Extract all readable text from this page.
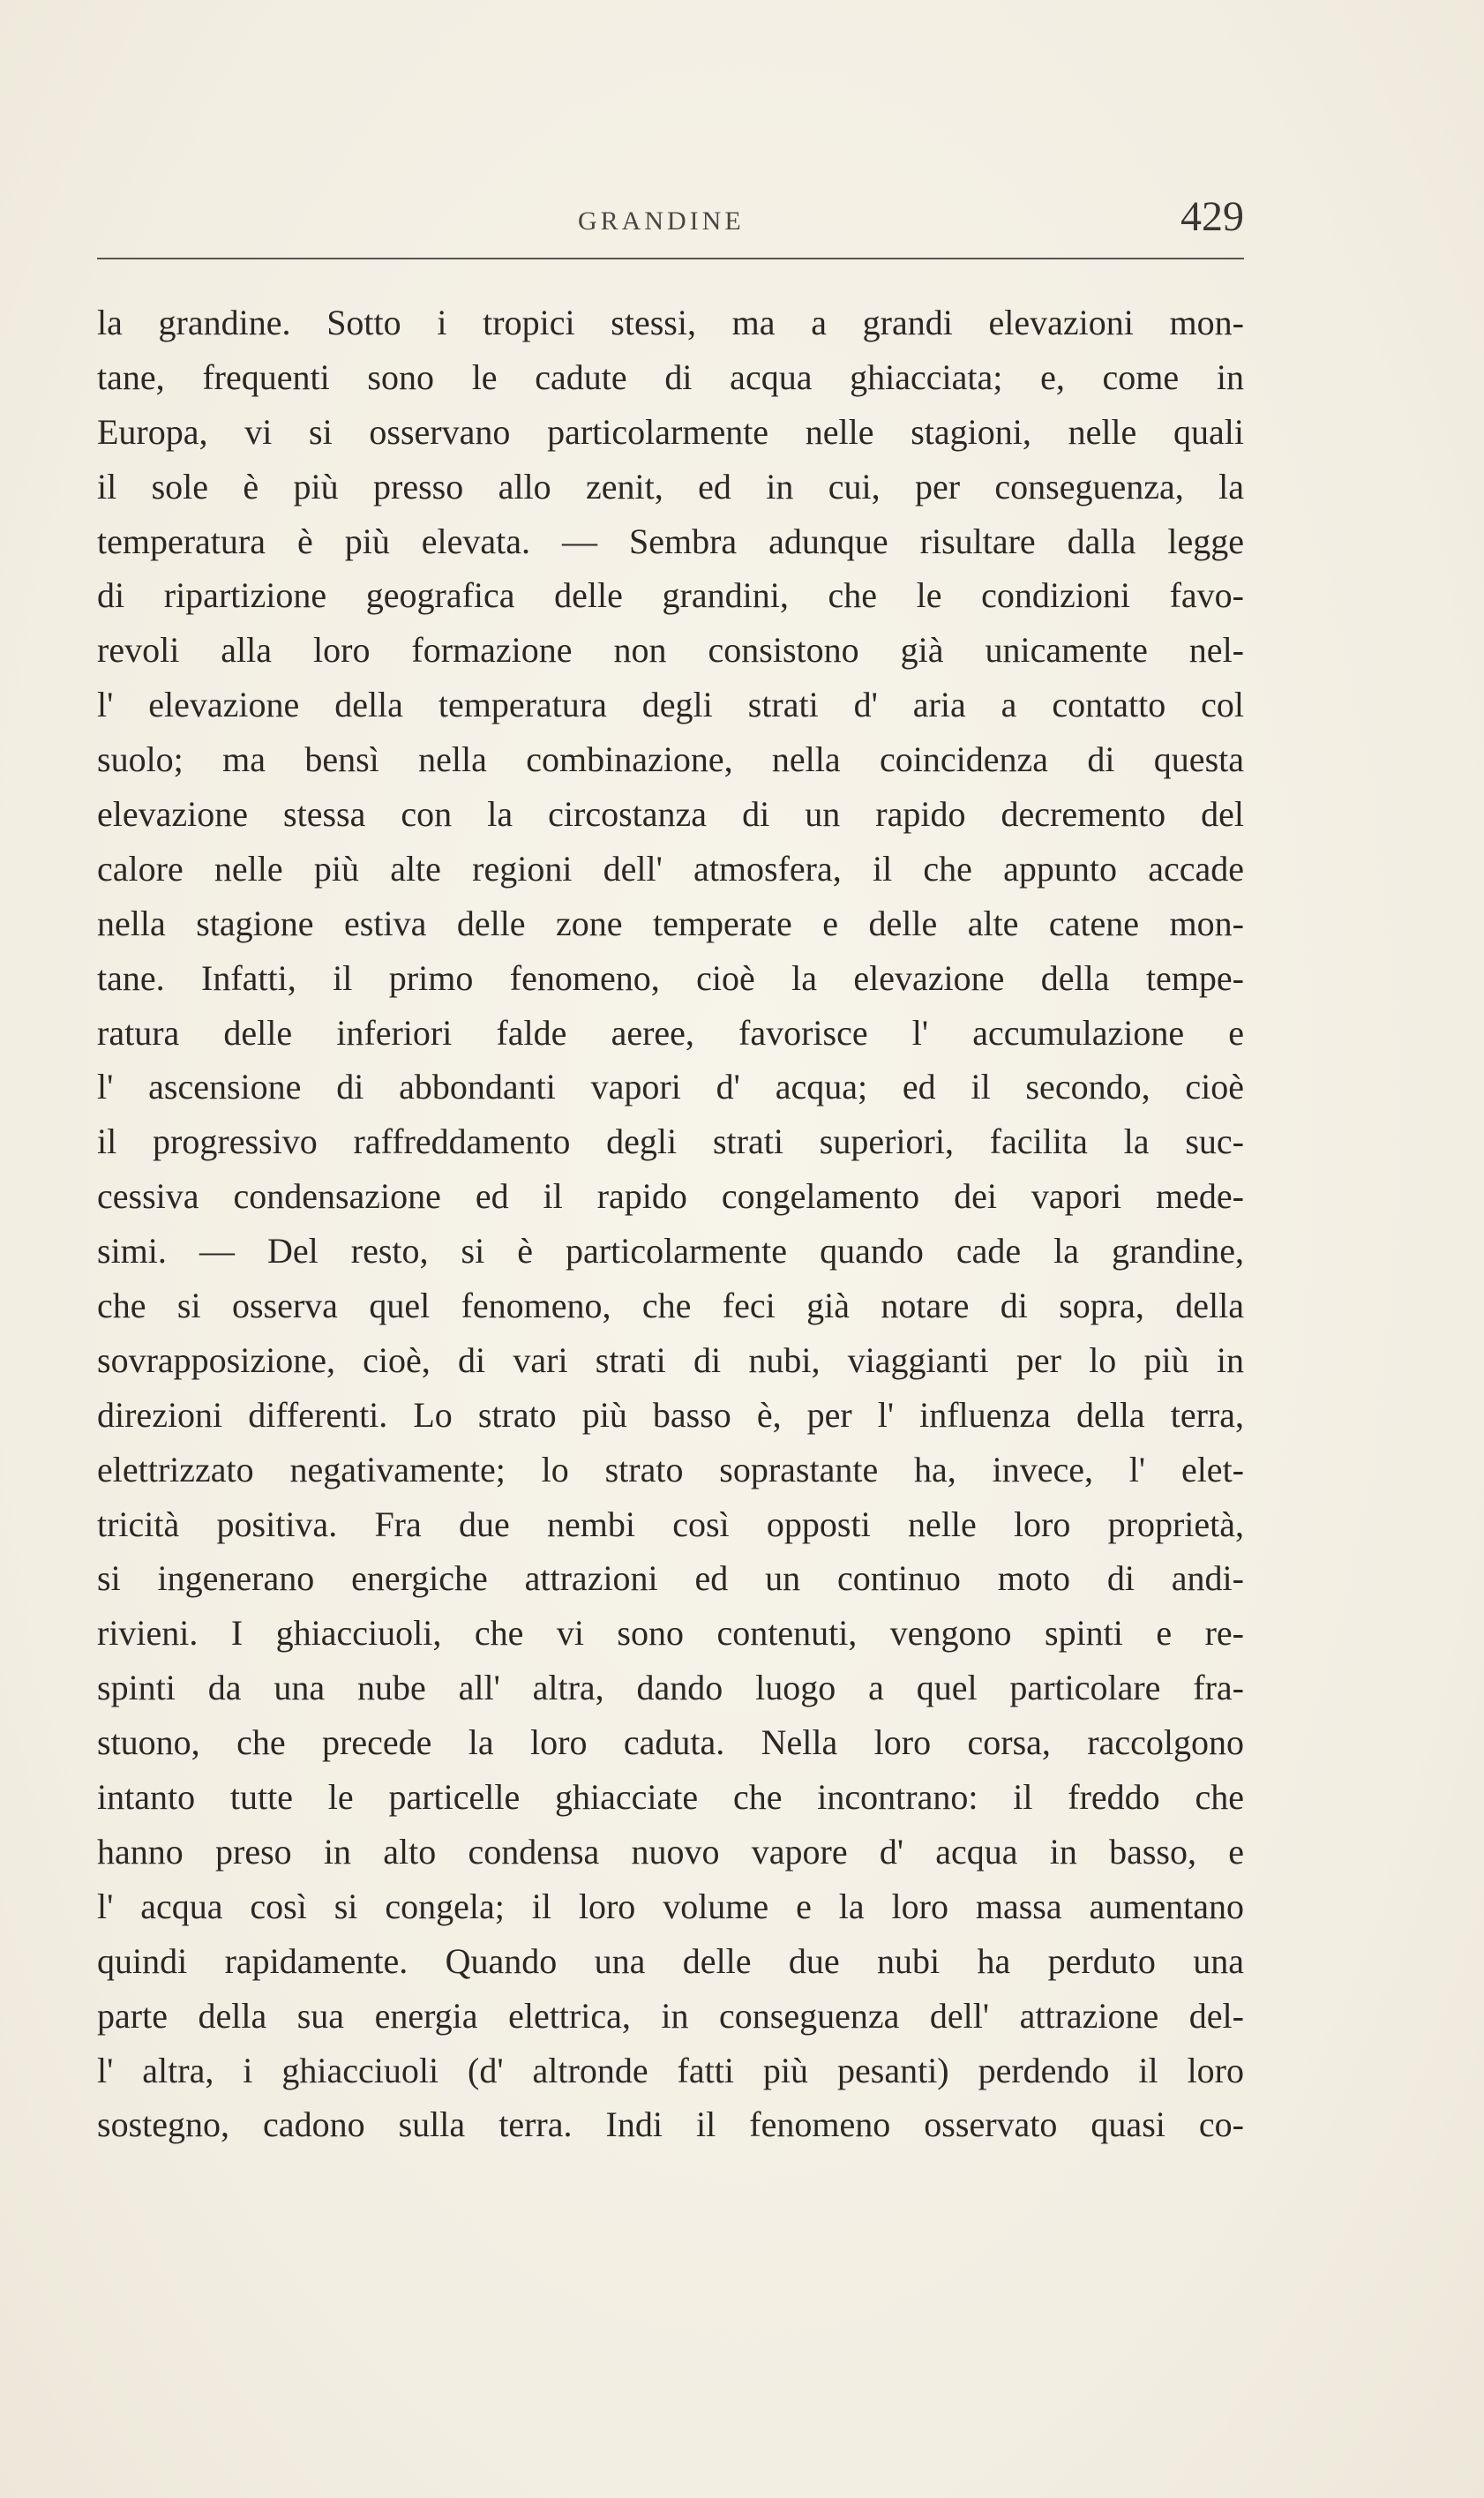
GRANDINE	429
la grandine. Sotto i tropici stessi, ma a grandi elevazioni mon-
tane, frequenti sono le cadute di acqua ghiacciata; e, come in
Europa, vi si osservano particolarmente nelle stagioni, nelle quali
il sole è più presso allo zenit, ed in cui, per conseguenza, la
temperatura è più elevata. — Sembra adunque risultare dalla legge
di ripartizione geografica delle grandini, che le condizioni favo-
revoli alla loro formazione non consistono già unicamente nel-
l' elevazione della temperatura degli strati d' aria a contatto col
suolo; ma bensì nella combinazione, nella coincidenza di questa
elevazione stessa con la circostanza di un rapido decremento del
calore nelle più alte regioni dell' atmosfera, il che appunto accade
nella stagione estiva delle zone temperate e delle alte catene mon-
tane. Infatti, il primo fenomeno, cioè la elevazione della tempe-
ratura delle inferiori falde aeree, favorisce l' accumulazione e
l' ascensione di abbondanti vapori d' acqua; ed il secondo, cioè
il progressivo raffreddamento degli strati superiori, facilita la suc-
cessiva condensazione ed il rapido congelamento dei vapori mede-
simi. — Del resto, si è particolarmente quando cade la grandine,
che si osserva quel fenomeno, che feci già notare di sopra, della
sovrapposizione, cioè, di vari strati di nubi, viaggianti per lo più in
direzioni differenti. Lo strato più basso è, per l' influenza della terra,
elettrizzato negativamente; lo strato soprastante ha, invece, l' elet-
tricità positiva. Fra due nembi così opposti nelle loro proprietà,
si ingenerano energiche attrazioni ed un continuo moto di andi-
rivieni. I ghiacciuoli, che vi sono contenuti, vengono spinti e re-
spinti da una nube all' altra, dando luogo a quel particolare fra-
stuono, che precede la loro caduta. Nella loro corsa, raccolgono
intanto tutte le particelle ghiacciate che incontrano: il freddo che
hanno preso in alto condensa nuovo vapore d' acqua in basso, e
l' acqua così si congela; il loro volume e la loro massa aumentano
quindi rapidamente. Quando una delle due nubi ha perduto una
parte della sua energia elettrica, in conseguenza dell' attrazione del-
l' altra, i ghiacciuoli (d' altronde fatti più pesanti) perdendo il loro
sostegno, cadono sulla terra. Indi il fenomeno osservato quasi co-
